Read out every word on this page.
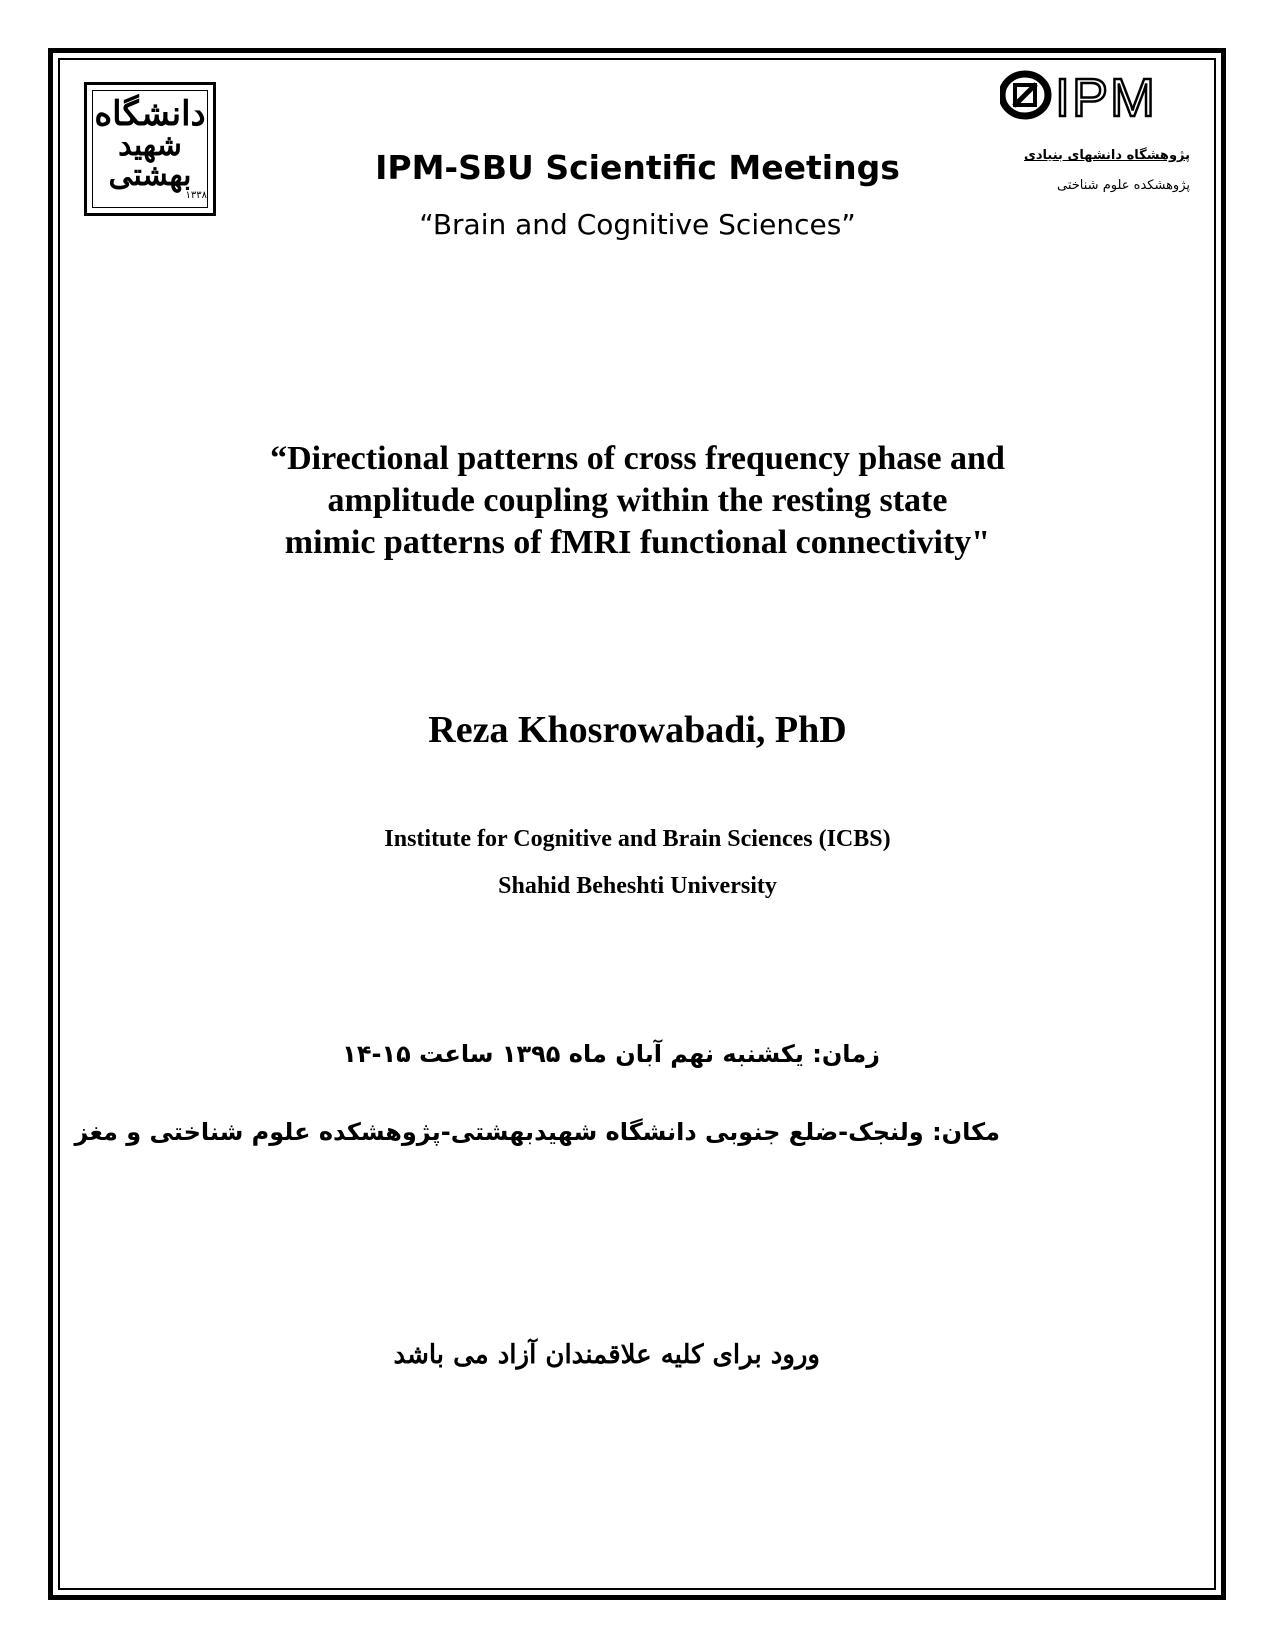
دانشگاه
شهید
بهشتی
۱۳۳۸
IPM
پژوهشگاه دانشهای بنیادی
پژوهشکده علوم شناختی
IPM-SBU Scientific Meetings
“Brain and Cognitive Sciences”
“Directional patterns of cross frequency phase and
amplitude coupling within the resting state
mimic patterns of fMRI functional connectivity"
Reza Khosrowabadi, PhD
Institute for Cognitive and Brain Sciences (ICBS)
Shahid Beheshti University
زمان: یکشنبه نهم آبان ماه ۱۳۹۵ ساعت ۱۵-۱۴
مکان: ولنجک-ضلع جنوبی دانشگاه شهیدبهشتی-پژوهشکده علوم شناختی و مغز
ورود برای کلیه علاقمندان آزاد می باشد
